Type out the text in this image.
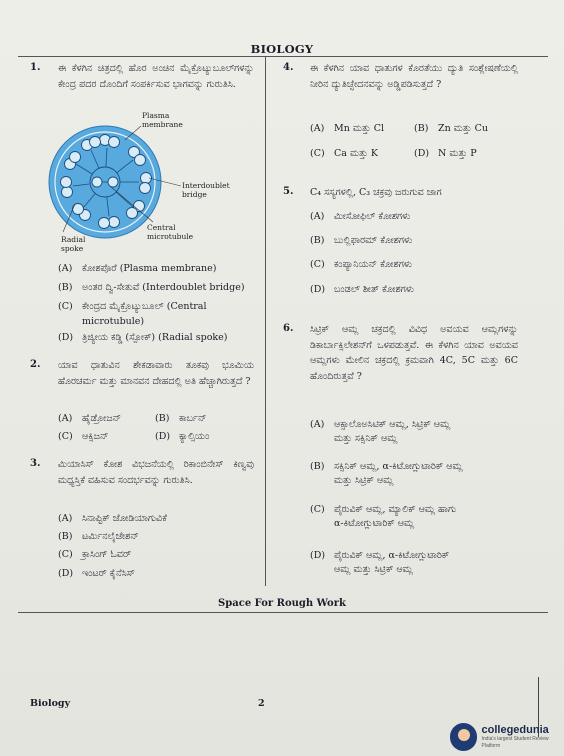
BIOLOGY
1. ಈ ಕೆಳಗಿನ ಚಿತ್ರದಲ್ಲಿ ಹೊರ ಅಂಚಿನ ಮೈಕ್ರೊಟ್ಯುಬೂಲ್‍ಗಳನ್ನು ಕೇಂದ್ರ ಪದರ ದೊಂದಿಗೆ ಸಂಪರ್ಕಿಸುವ ಭಾಗವನ್ನು ಗುರುತಿಸಿ.
Plasma membrane
Interdoublet bridge
Central microtubule
Radial spoke
(A) ಕೋಶಪೊರೆ (Plasma membrane)
(B) ಅಂತರ ದ್ವಿ-ಸೇತುವೆ (Interdoublet bridge)
(C) ಕೇಂದ್ರದ ಮೈಕ್ರೊಟ್ಯುಬೂಲ್ (Central
microtubule)
(D) ತ್ರಿಜ್ಯೀಯ ಕಡ್ಡಿ (ಸ್ಪೋಕ್) (Radial spoke)
2. ಯಾವ ಧಾತುವಿನ ಶೇಕಡಾವಾರು ತೂಕವು ಭೂಮಿಯ ಹೊರಚರ್ಮ ಮತ್ತು ಮಾನವನ ದೇಹದಲ್ಲಿ ಅತಿ ಹೆಚ್ಚಾಗಿರುತ್ತದೆ ?
(A) ಹೈಡ್ರೋಜನ್	(B) ಕಾರ್ಬನ್
(C) ಆಕ್ಸಿಜನ್	(D) ಕ್ಯಾಲ್ಸಿಯಂ
3. ಮಿಯಾಸಿಸ್ ಕೋಶ ವಿಭಜನೆಯಲ್ಲಿ ರಿಕಾಂಬಿನೇಸ್ ಕಿಣ್ವವು ಮಧ್ಯಸ್ತಿಕೆ ವಹಿಸುವ ಸಂದರ್ಭವನ್ನು ಗುರುತಿಸಿ.
(A) ಸಿನಾಪ್ಟಿಕ್ ಜೋಡಿಯಾಗುವಿಕೆ
(B) ಟರ್ಮಿನಲೈಜೇಶನ್
(C) ಕ್ರಾಸಿಂಗ್ ಓವರ್
(D) ಇಂಟರ್ ಕೈನೆಸಿಸ್
4. ಈ ಕೆಳಗಿನ ಯಾವ ಧಾತುಗಳ ಕೊರತೆಯು ದ್ಯುತಿ ಸಂಶ್ಲೇಷಣೆಯಲ್ಲಿ ನೀರಿನ ದ್ಯುತಿಚ್ಛೇದನವನ್ನು ಅಡ್ಡಿಪಡಿಸುತ್ತದೆ ?
(A) Mn ಮತ್ತು Cl	(B) Zn ಮತ್ತು Cu
(C) Ca ಮತ್ತು K	(D) N ಮತ್ತು P
5. C₄ ಸಸ್ಯಗಳಲ್ಲಿ, C₃ ಚಕ್ರವು ಜರುಗುವ ಜಾಗ
(A) ಮೀಸೋಫಿಲ್ ಕೋಶಗಳು
(B) ಬುಲ್ಲಿಫಾರಮ್ ಕೋಶಗಳು
(C) ಕಂಪ್ಯಾನಿಯನ್ ಕೋಶಗಳು
(D) ಬಂಡಲ್ ಶೀತ್ ಕೋಶಗಳು
6. ಸಿಟ್ರಿಕ್ ಆಮ್ಲ ಚಕ್ರದಲ್ಲಿ ವಿವಿಧ ಅವಯವ ಆಮ್ಲಗಳನ್ನು ಡಿಕಾರ್ಬಾಕ್ಸಿಲೇಶನ್‍ಗೆ ಒಳಪಡುತ್ತವೆ. ಈ ಕೆಳಗಿನ ಯಾವ ಅವಯವ ಆಮ್ಲಗಳು ಮೇಲಿನ ಚಕ್ರದಲ್ಲಿ ಕ್ರಮವಾಗಿ 4C, 5C ಮತ್ತು 6C ಹೊಂದಿರುತ್ತವೆ ?
(A) ಆಕ್ಸಾಲೊಅಸಿಟಿಕ್ ಆಮ್ಲ, ಸಿಟ್ರಿಕ್ ಆಮ್ಲ
ಮತ್ತು ಸಕ್ಸಿನಿಕ್ ಆಮ್ಲ
(B) ಸಕ್ಸಿನಿಕ್ ಆಮ್ಲ, α-ಕಿಟೋಗ್ಲುಟಾರಿಕ್ ಆಮ್ಲ
ಮತ್ತು ಸಿಟ್ರಿಕ್ ಆಮ್ಲ
(C) ಪೈರುವಿಕ್ ಆಮ್ಲ, ಮ್ಯಾಲಿಕ್ ಆಮ್ಲ ಹಾಗು
α-ಕಿಟೋಗ್ಲುಟಾರಿಕ್ ಆಮ್ಲ
(D) ಪೈರುವಿಕ್ ಆಮ್ಲ, α-ಕಿಟೋಗ್ಲುಟಾರಿಕ್
ಆಮ್ಲ ಮತ್ತು ಸಿಟ್ರಿಕ್ ಆಮ್ಲ
Space For Rough Work
Biology	2
collegedunia
India's largest Student Review Platform
